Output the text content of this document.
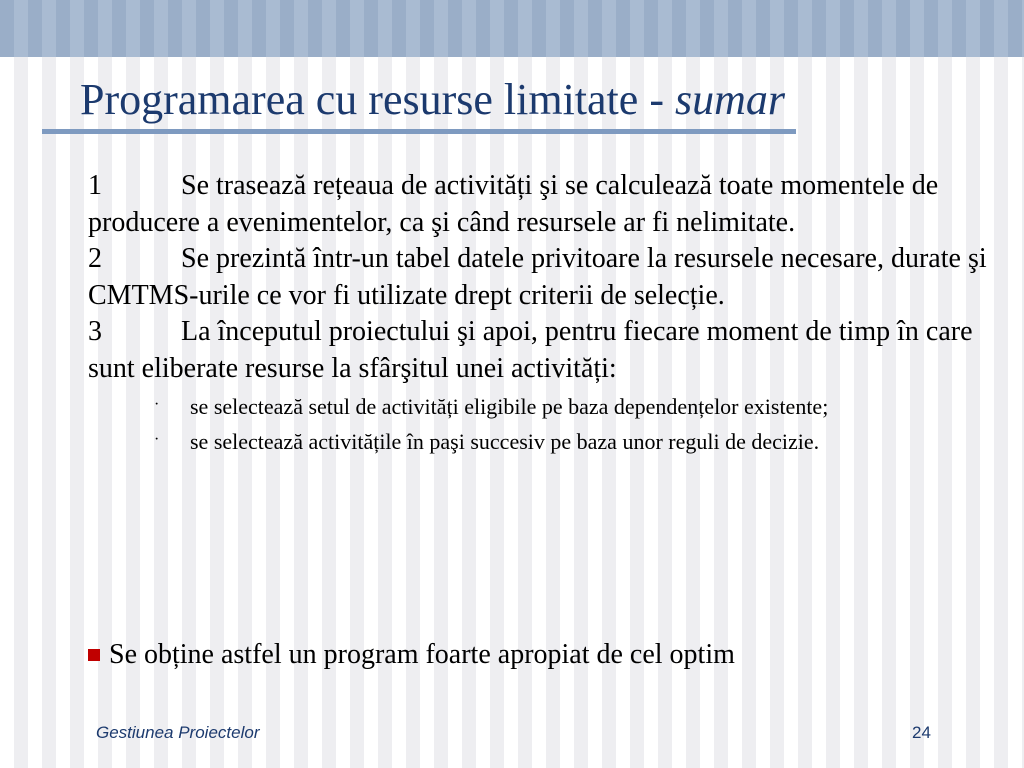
Programarea cu resurse limitate - sumar

1	Se trasează rețeaua de activități şi se calculează toate momentele de producere a evenimentelor, ca şi când resursele ar fi nelimitate.

2	Se prezintă într-un tabel datele privitoare la resursele necesare, durate şi CMTMS-urile ce vor fi utilizate drept criterii de selecție.

3	La începutul proiectului şi apoi, pentru fiecare moment de timp în care sunt eliberate resurse la sfârşitul unei activități:

· se selectează setul de activități eligibile pe baza dependențelor existente;
· se selectează activitățile în paşi succesiv pe baza unor reguli de decizie.
Se obține astfel un program foarte apropiat de cel optim
Gestiunea Proiectelor	24
